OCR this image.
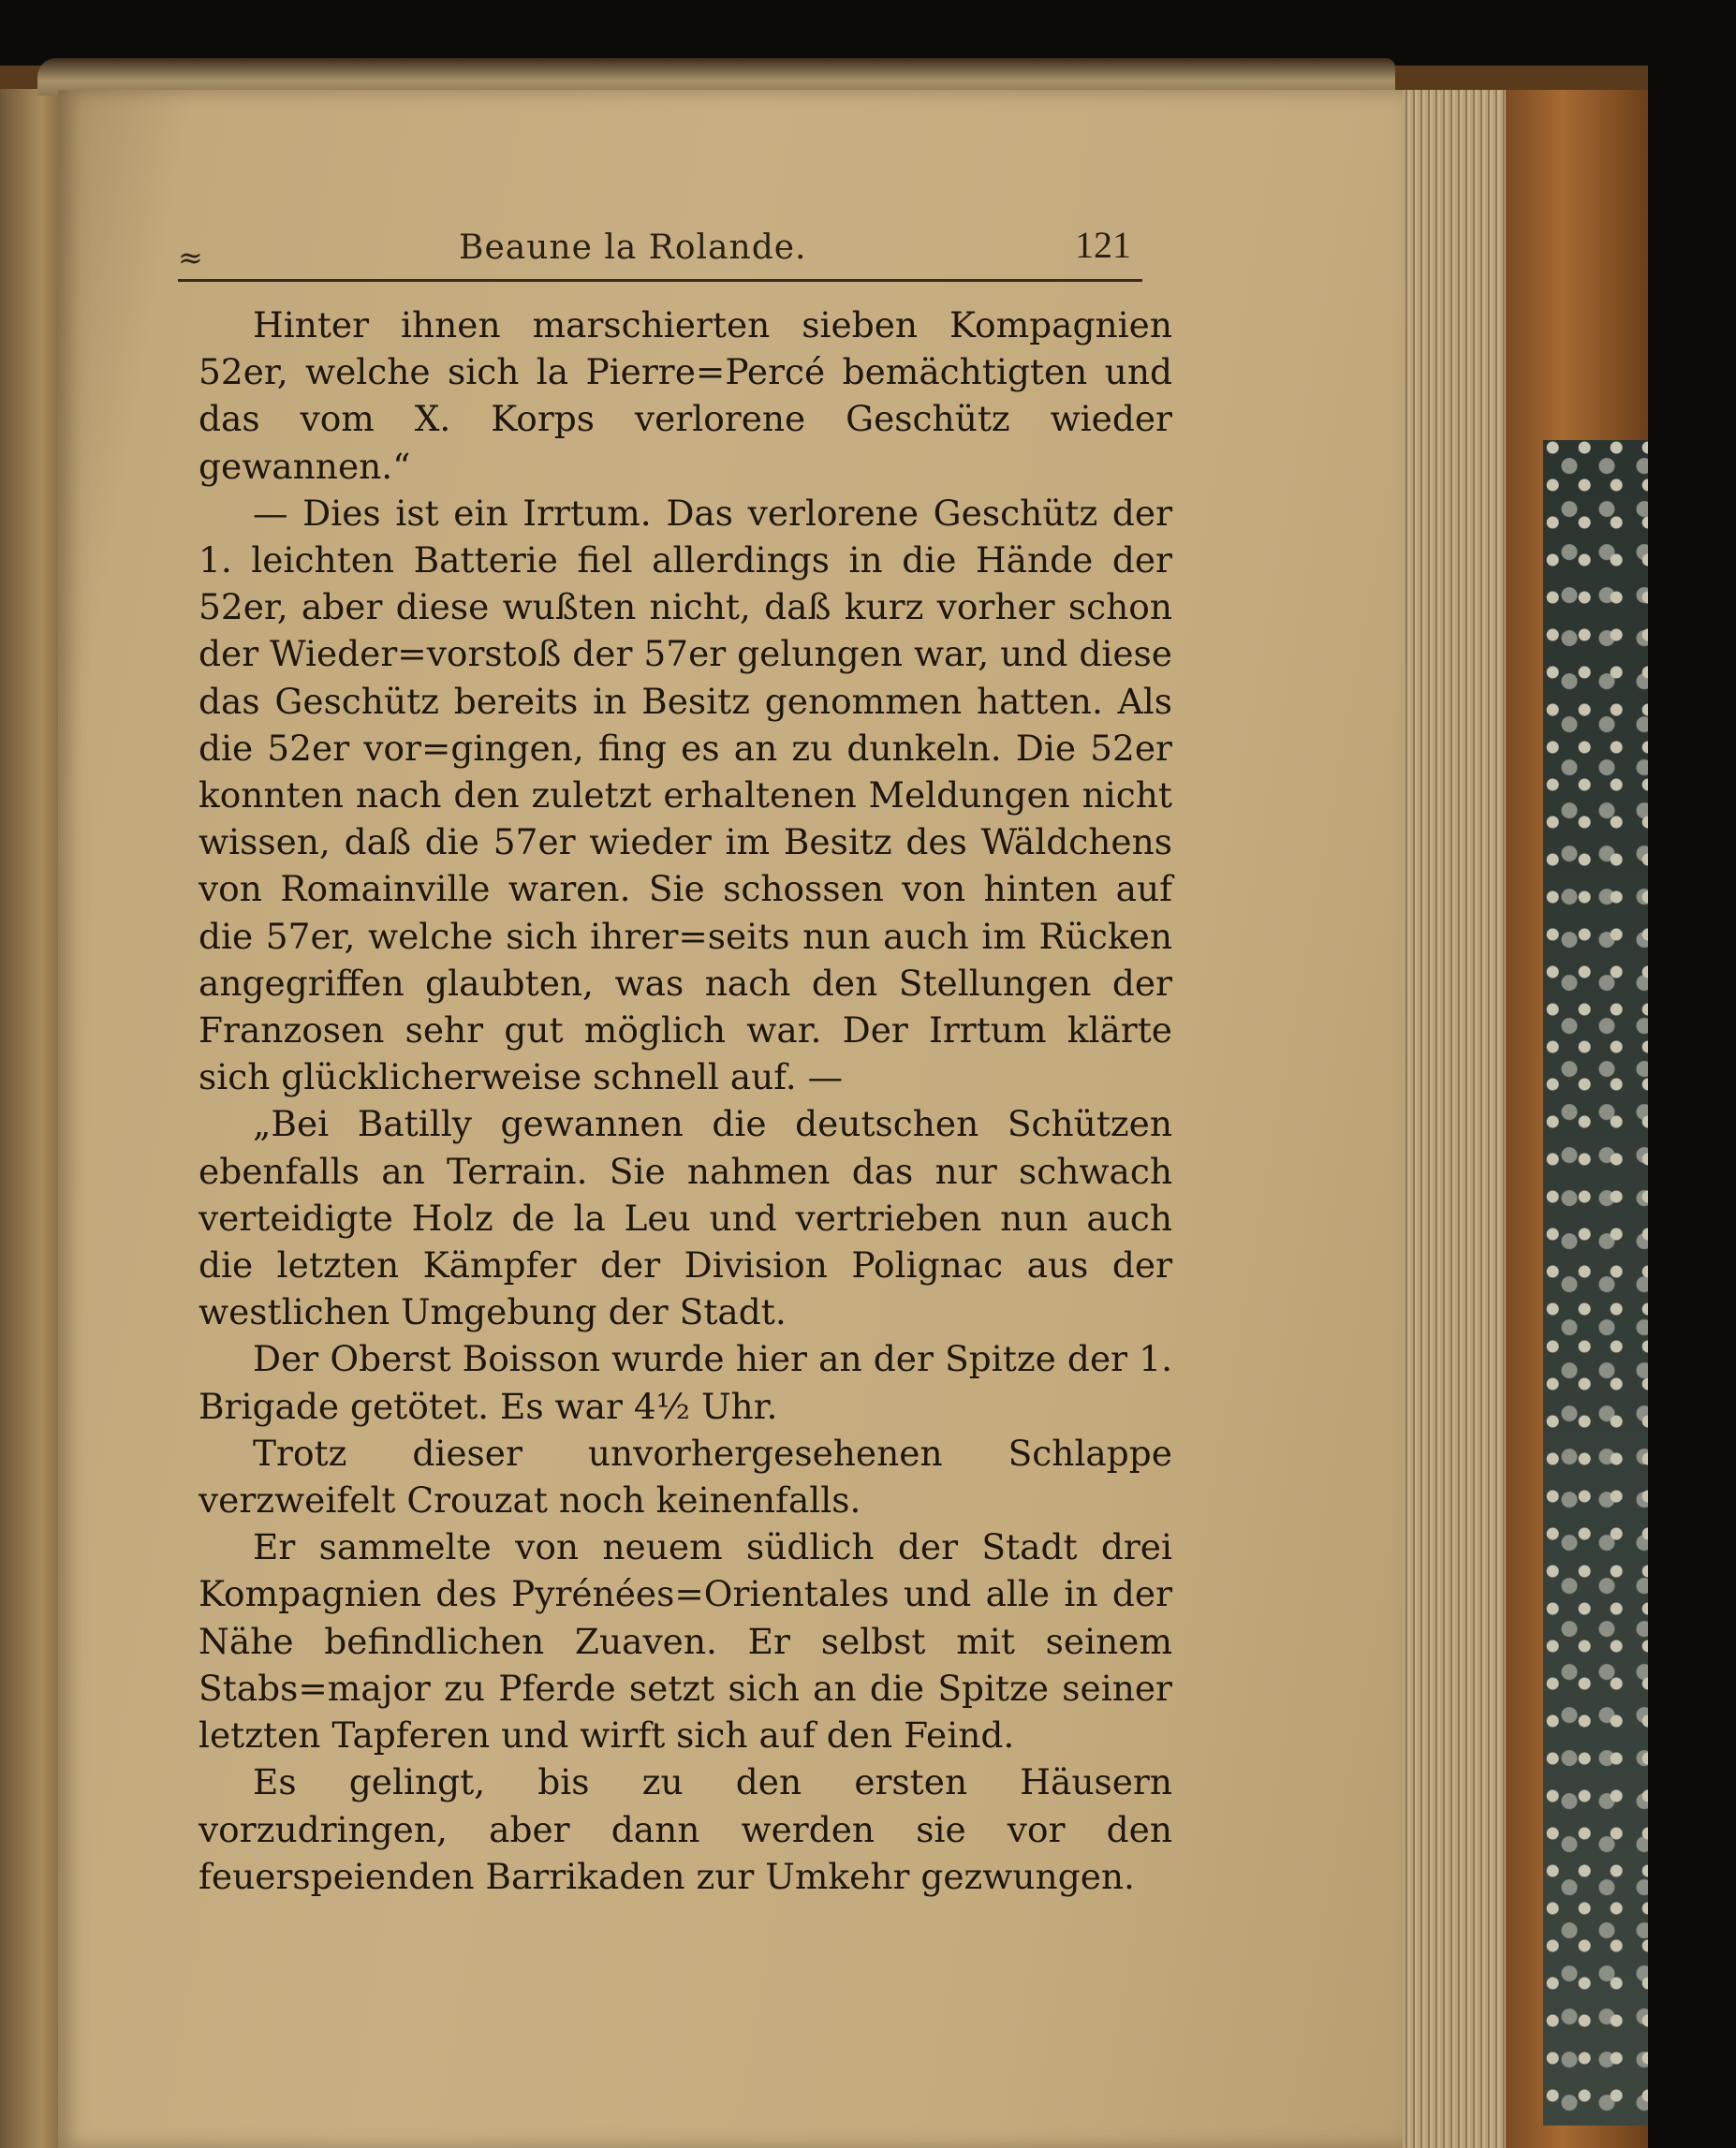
≈	Beaune la Rolande.	121

Hinter ihnen marschierten sieben Kompagnien 52er, welche sich la Pierre=Percé bemächtigten und das vom X. Korps verlorene Geschütz wieder gewannen.“

— Dies ist ein Irrtum. Das verlorene Geschütz der 1. leichten Batterie fiel allerdings in die Hände der 52er, aber diese wußten nicht, daß kurz vorher schon der Wieder=vorstoß der 57er gelungen war, und diese das Geschütz bereits in Besitz genommen hatten. Als die 52er vor=gingen, fing es an zu dunkeln. Die 52er konnten nach den zuletzt erhaltenen Meldungen nicht wissen, daß die 57er wieder im Besitz des Wäldchens von Romainville waren. Sie schossen von hinten auf die 57er, welche sich ihrer=seits nun auch im Rücken angegriffen glaubten, was nach den Stellungen der Franzosen sehr gut möglich war. Der Irrtum klärte sich glücklicherweise schnell auf. —

„Bei Batilly gewannen die deutschen Schützen ebenfalls an Terrain. Sie nahmen das nur schwach verteidigte Holz de la Leu und vertrieben nun auch die letzten Kämpfer der Division Polignac aus der westlichen Umgebung der Stadt.

Der Oberst Boisson wurde hier an der Spitze der 1. Brigade getötet. Es war 4½ Uhr.

Trotz dieser unvorhergesehenen Schlappe verzweifelt Crouzat noch keinenfalls.

Er sammelte von neuem südlich der Stadt drei Kompagnien des Pyrénées=Orientales und alle in der Nähe befindlichen Zuaven. Er selbst mit seinem Stabs=major zu Pferde setzt sich an die Spitze seiner letzten Tapferen und wirft sich auf den Feind.

Es gelingt, bis zu den ersten Häusern vorzudringen, aber dann werden sie vor den feuerspeienden Barrikaden zur Umkehr gezwungen.
